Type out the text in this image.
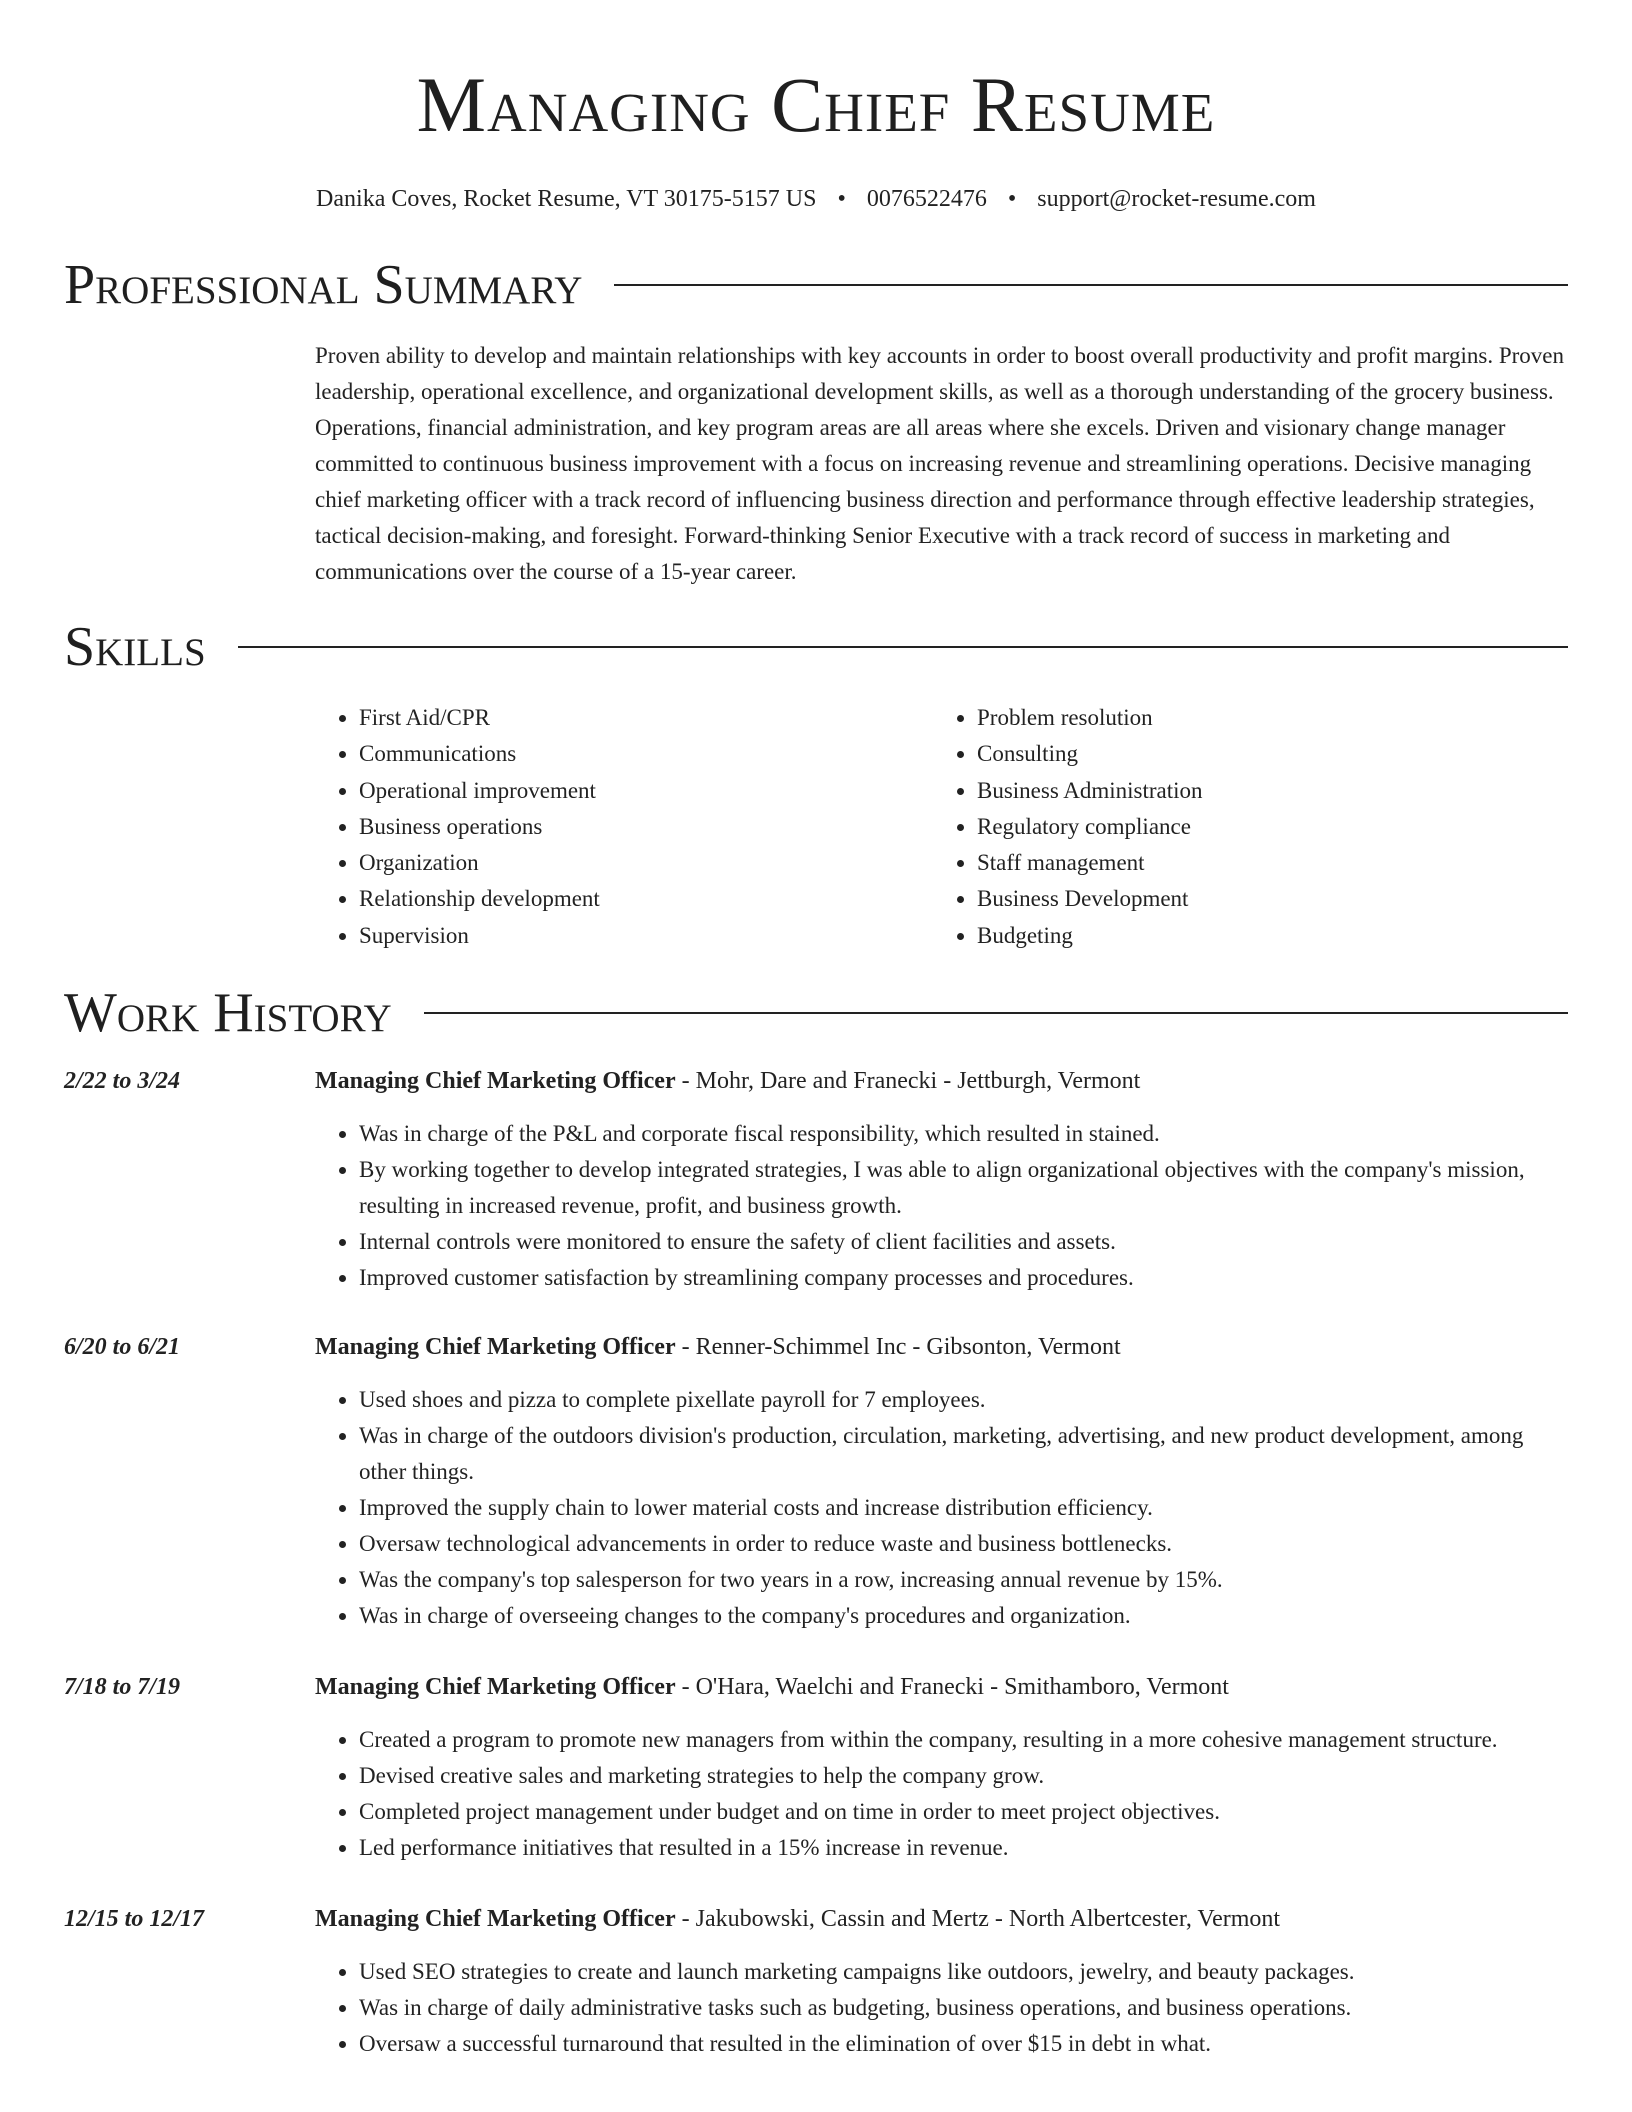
Managing Chief Resume
Danika Coves, Rocket Resume, VT 30175-5157 US • 0076522476 • support@rocket-resume.com
Professional Summary
Proven ability to develop and maintain relationships with key accounts in order to boost overall productivity and profit margins. Proven leadership, operational excellence, and organizational development skills, as well as a thorough understanding of the grocery business. Operations, financial administration, and key program areas are all areas where she excels. Driven and visionary change manager committed to continuous business improvement with a focus on increasing revenue and streamlining operations. Decisive managing chief marketing officer with a track record of influencing business direction and performance through effective leadership strategies, tactical decision-making, and foresight. Forward-thinking Senior Executive with a track record of success in marketing and communications over the course of a 15-year career.
Skills
• First Aid/CPR
• Communications
• Operational improvement
• Business operations
• Organization
• Relationship development
• Supervision
• Problem resolution
• Consulting
• Business Administration
• Regulatory compliance
• Staff management
• Business Development
• Budgeting
Work History
2/22 to 3/24	Managing Chief Marketing Officer - Mohr, Dare and Franecki - Jettburgh, Vermont
• Was in charge of the P&L and corporate fiscal responsibility, which resulted in stained.
• By working together to develop integrated strategies, I was able to align organizational objectives with the company's mission, resulting in increased revenue, profit, and business growth.
• Internal controls were monitored to ensure the safety of client facilities and assets.
• Improved customer satisfaction by streamlining company processes and procedures.
6/20 to 6/21	Managing Chief Marketing Officer - Renner-Schimmel Inc - Gibsonton, Vermont
• Used shoes and pizza to complete pixellate payroll for 7 employees.
• Was in charge of the outdoors division's production, circulation, marketing, advertising, and new product development, among other things.
• Improved the supply chain to lower material costs and increase distribution efficiency.
• Oversaw technological advancements in order to reduce waste and business bottlenecks.
• Was the company's top salesperson for two years in a row, increasing annual revenue by 15%.
• Was in charge of overseeing changes to the company's procedures and organization.
7/18 to 7/19	Managing Chief Marketing Officer - O'Hara, Waelchi and Franecki - Smithamboro, Vermont
• Created a program to promote new managers from within the company, resulting in a more cohesive management structure.
• Devised creative sales and marketing strategies to help the company grow.
• Completed project management under budget and on time in order to meet project objectives.
• Led performance initiatives that resulted in a 15% increase in revenue.
12/15 to 12/17	Managing Chief Marketing Officer - Jakubowski, Cassin and Mertz - North Albertcester, Vermont
• Used SEO strategies to create and launch marketing campaigns like outdoors, jewelry, and beauty packages.
• Was in charge of daily administrative tasks such as budgeting, business operations, and business operations.
• Oversaw a successful turnaround that resulted in the elimination of over $15 in debt in what.
